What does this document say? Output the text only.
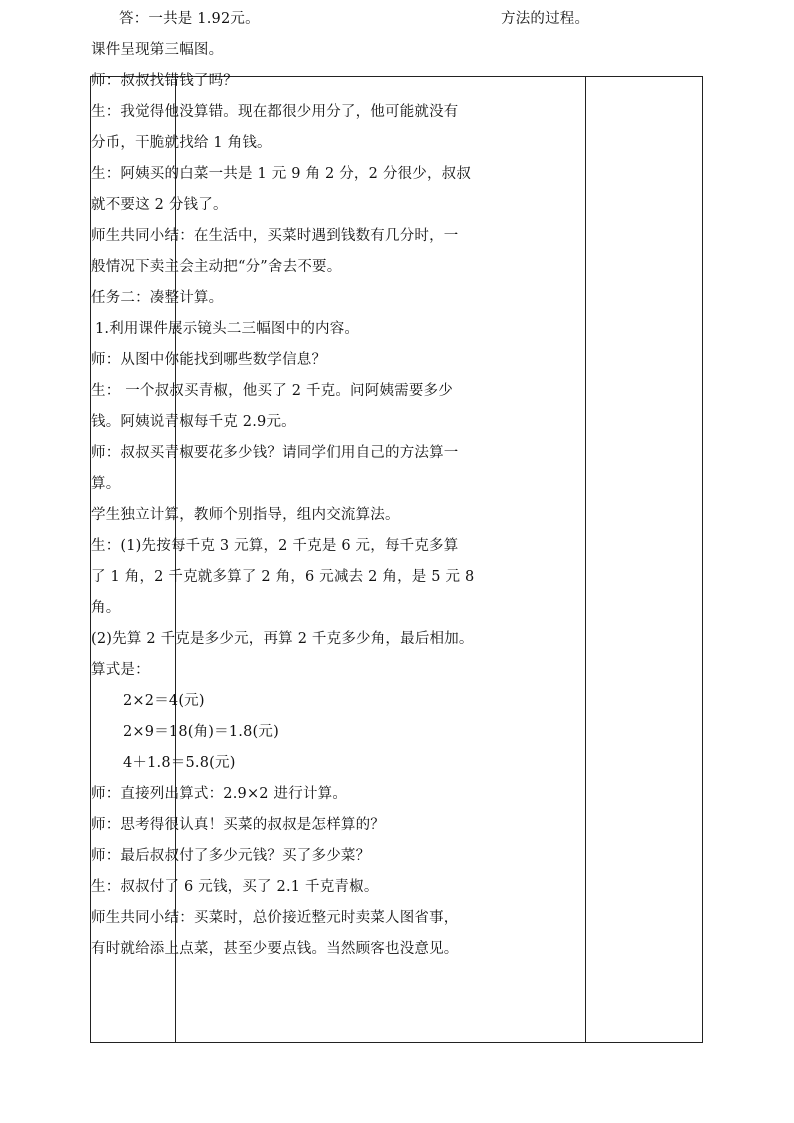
答：一共是 1.92元。
课件呈现第三幅图。
师：叔叔找错钱了吗？
生：我觉得他没算错。现在都很少用分了，他可能就没有
分币，干脆就找给 1 角钱。
生：阿姨买的白菜一共是 1 元 9 角 2 分，2 分很少，叔叔
就不要这 2 分钱了。
师生共同小结：在生活中，买菜时遇到钱数有几分时，一
般情况下卖主会主动把“分”舍去不要。
任务二：凑整计算。
1.利用课件展示镜头二三幅图中的内容。
师：从图中你能找到哪些数学信息？
生： 一个叔叔买青椒，他买了 2 千克。问阿姨需要多少
钱。阿姨说青椒每千克 2.9元。
师：叔叔买青椒要花多少钱？请同学们用自己的方法算一
算。
学生独立计算，教师个别指导，组内交流算法。
生：(1)先按每千克 3 元算，2 千克是 6 元，每千克多算
了 1 角，2 千克就多算了 2 角，6 元减去 2 角，是 5 元 8
角。
(2)先算 2 千克是多少元，再算 2 千克多少角，最后相加。
算式是：
2×2＝4(元)
2×9＝18(角)＝1.8(元)
4＋1.8＝5.8(元)
师：直接列出算式：2.9×2 进行计算。
师：思考得很认真！买菜的叔叔是怎样算的？
师：最后叔叔付了多少元钱？买了多少菜？
生：叔叔付了 6 元钱，买了 2.1 千克青椒。
师生共同小结：买菜时，总价接近整元时卖菜人图省事，
有时就给添上点菜，甚至少要点钱。当然顾客也没意见。
方法的过程。
